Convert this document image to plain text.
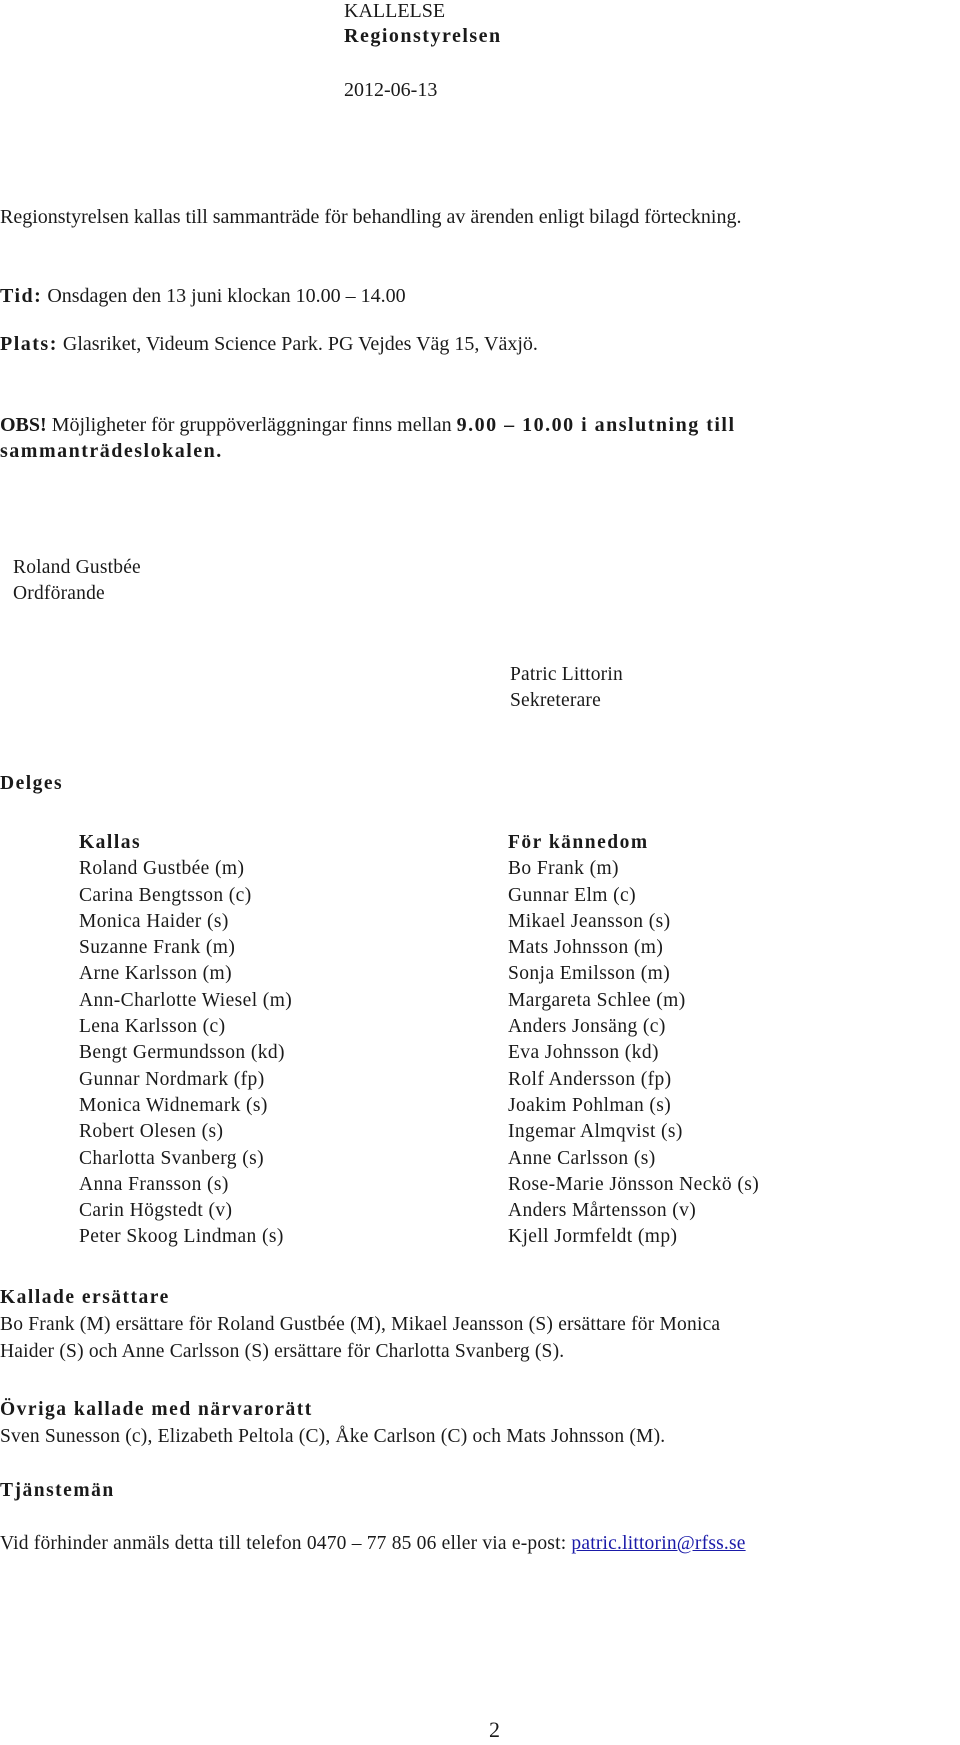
KALLELSE
Regionstyrelsen
2012-06-13
Regionstyrelsen kallas till sammanträde för behandling av ärenden enligt bilagd förteckning.
Tid: Onsdagen den 13 juni klockan 10.00 – 14.00
Plats: Glasriket, Videum Science Park. PG Vejdes Väg 15, Växjö.
OBS! Möjligheter för gruppöverläggningar finns mellan 9.00 – 10.00 i anslutning till
sammanträdeslokalen.
Roland Gustbée
Ordförande
Patric Littorin
Sekreterare
Delges
Kallas
Roland Gustbée (m)
Carina Bengtsson (c)
Monica Haider (s)
Suzanne Frank (m)
Arne Karlsson (m)
Ann-Charlotte Wiesel (m)
Lena Karlsson (c)
Bengt Germundsson (kd)
Gunnar Nordmark (fp)
Monica Widnemark (s)
Robert Olesen (s)
Charlotta Svanberg (s)
Anna Fransson (s)
Carin Högstedt (v)
Peter Skoog Lindman (s)
För kännedom
Bo Frank (m)
Gunnar Elm (c)
Mikael Jeansson (s)
Mats Johnsson (m)
Sonja Emilsson (m)
Margareta Schlee (m)
Anders Jonsäng (c)
Eva Johnsson (kd)
Rolf Andersson (fp)
Joakim Pohlman (s)
Ingemar Almqvist (s)
Anne Carlsson (s)
Rose-Marie Jönsson Neckö (s)
Anders Mårtensson (v)
Kjell Jormfeldt (mp)
Kallade ersättare
Bo Frank (M) ersättare för Roland Gustbée (M), Mikael Jeansson (S) ersättare för Monica
Haider (S) och Anne Carlsson (S) ersättare för Charlotta Svanberg (S).
Övriga kallade med närvarorätt
Sven Sunesson (c), Elizabeth Peltola (C), Åke Carlson (C) och Mats Johnsson (M).
Tjänstemän
Vid förhinder anmäls detta till telefon 0470 – 77 85 06 eller via e-post: patric.littorin@rfss.se
2
